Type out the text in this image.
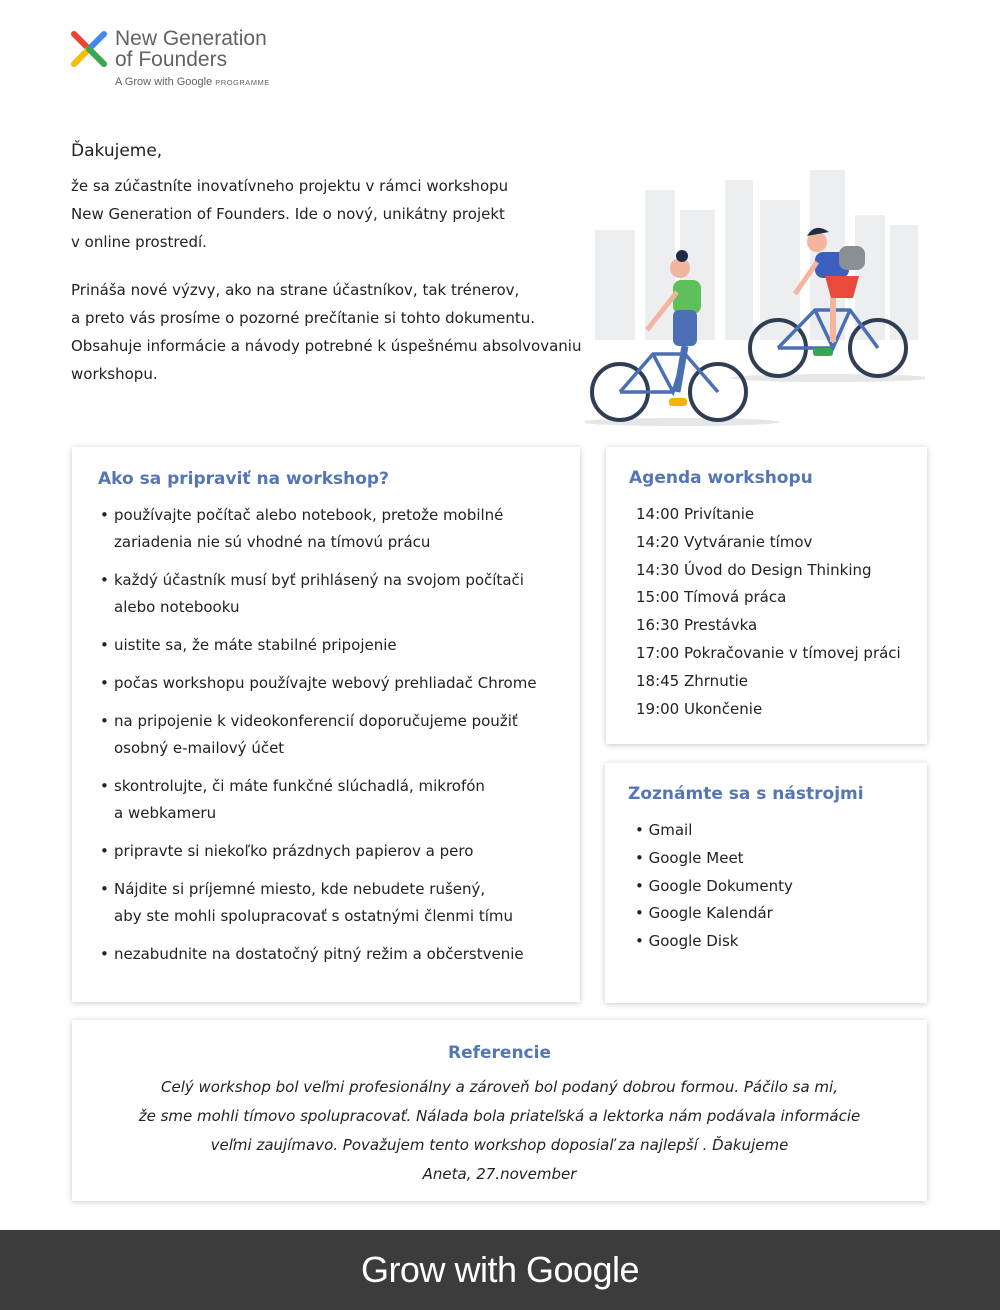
New Generation
of Founders
A Grow with Google PROGRAMME
Ďakujeme,

že sa zúčastníte inovatívneho projektu v rámci workshopu
New Generation of Founders. Ide o nový, unikátny projekt
v online prostredí.

Prináša nové výzvy, ako na strane účastníkov, tak trénerov,
a preto vás prosíme o pozorné prečítanie si tohto dokumentu.
Obsahuje informácie a návody potrebné k úspešnému absolvovaniu
workshopu.

Ako sa pripraviť na workshop?
• používajte počítač alebo notebook, pretože mobilné
zariadenia nie sú vhodné na tímovú prácu
• každý účastník musí byť prihlásený na svojom počítači
alebo notebooku
• uistite sa, že máte stabilné pripojenie
• počas workshopu používajte webový prehliadač Chrome
• na pripojenie k videokonferencií doporučujeme použiť
osobný e-mailový účet
• skontrolujte, či máte funkčné slúchadlá, mikrofón
a webkameru
• pripravte si niekoľko prázdnych papierov a pero
• Nájdite si príjemné miesto, kde nebudete rušený,
aby ste mohli spolupracovať s ostatnými členmi tímu
• nezabudnite na dostatočný pitný režim a občerstvenie
Agenda workshopu
14:00 Privítanie
14:20 Vytváranie tímov
14:30 Úvod do Design Thinking
15:00 Tímová práca
16:30 Prestávka
17:00 Pokračovanie v tímovej práci
18:45 Zhrnutie
19:00 Ukončenie
Zoznámte sa s nástrojmi
• Gmail
• Google Meet
• Google Dokumenty
• Google Kalendár
• Google Disk
Referencie
Celý workshop bol veľmi profesionálny a zároveň bol podaný dobrou formou. Páčilo sa mi,
že sme mohli tímovo spolupracovať. Nálada bola priateľská a lektorka nám podávala informácie
veľmi zaujímavo. Považujem tento workshop doposiaľ za najlepší . Ďakujeme
Aneta, 27.november
Grow with Google
